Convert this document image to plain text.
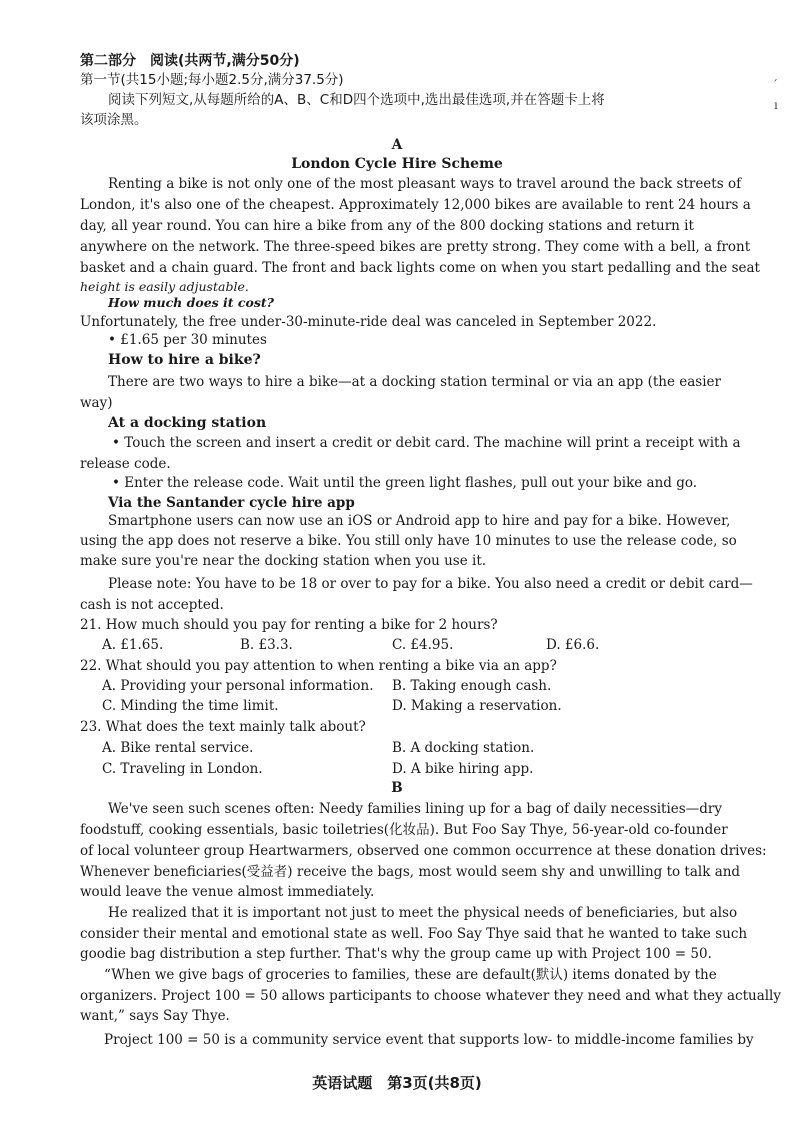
第二部分　阅读(共两节,满分50分)
第一节(共15小题;每小题2.5分,满分37.5分)
阅读下列短文,从每题所给的A、B、C和D四个选项中,选出最佳选项,并在答题卡上将
该项涂黑。
A
London Cycle Hire Scheme
Renting a bike is not only one of the most pleasant ways to travel around the back streets of
London, it's also one of the cheapest. Approximately 12,000 bikes are available to rent 24 hours a
day, all year round. You can hire a bike from any of the 800 docking stations and return it
anywhere on the network. The three-speed bikes are pretty strong. They come with a bell, a front
basket and a chain guard. The front and back lights come on when you start pedalling and the seat
height is easily adjustable.
How much does it cost?
Unfortunately, the free under-30-minute-ride deal was canceled in September 2022.
• £1.65 per 30 minutes
How to hire a bike?
There are two ways to hire a bike—at a docking station terminal or via an app (the easier
way)
At a docking station
• Touch the screen and insert a credit or debit card. The machine will print a receipt with a
release code.
• Enter the release code. Wait until the green light flashes, pull out your bike and go.
Via the Santander cycle hire app
Smartphone users can now use an iOS or Android app to hire and pay for a bike. However,
using the app does not reserve a bike. You still only have 10 minutes to use the release code, so
make sure you're near the docking station when you use it.
Please note: You have to be 18 or over to pay for a bike. You also need a credit or debit card—
cash is not accepted.
21. How much should you pay for renting a bike for 2 hours?
A. £1.65.	B. £3.3.	C. £4.95.	D. £6.6.
22. What should you pay attention to when renting a bike via an app?
A. Providing your personal information. B. Taking enough cash.
C. Minding the time limit.	D. Making a reservation.
23. What does the text mainly talk about?
A. Bike rental service.	B. A docking station.
C. Traveling in London.	D. A bike hiring app.
B
We've seen such scenes often: Needy families lining up for a bag of daily necessities—dry
foodstuff, cooking essentials, basic toiletries(化妆品). But Foo Say Thye, 56-year-old co-founder
of local volunteer group Heartwarmers, observed one common occurrence at these donation drives:
Whenever beneficiaries(受益者) receive the bags, most would seem shy and unwilling to talk and
would leave the venue almost immediately.
He realized that it is important not just to meet the physical needs of beneficiaries, but also
consider their mental and emotional state as well. Foo Say Thye said that he wanted to take such
goodie bag distribution a step further. That's why the group came up with Project 100 = 50.
“When we give bags of groceries to families, these are default(默认) items donated by the
organizers. Project 100 = 50 allows participants to choose whatever they need and what they actually
want,” says Say Thye.
Project 100 = 50 is a community service event that supports low- to middle-income families by
英语试题　第3页(共8页)
ˊ
ı
